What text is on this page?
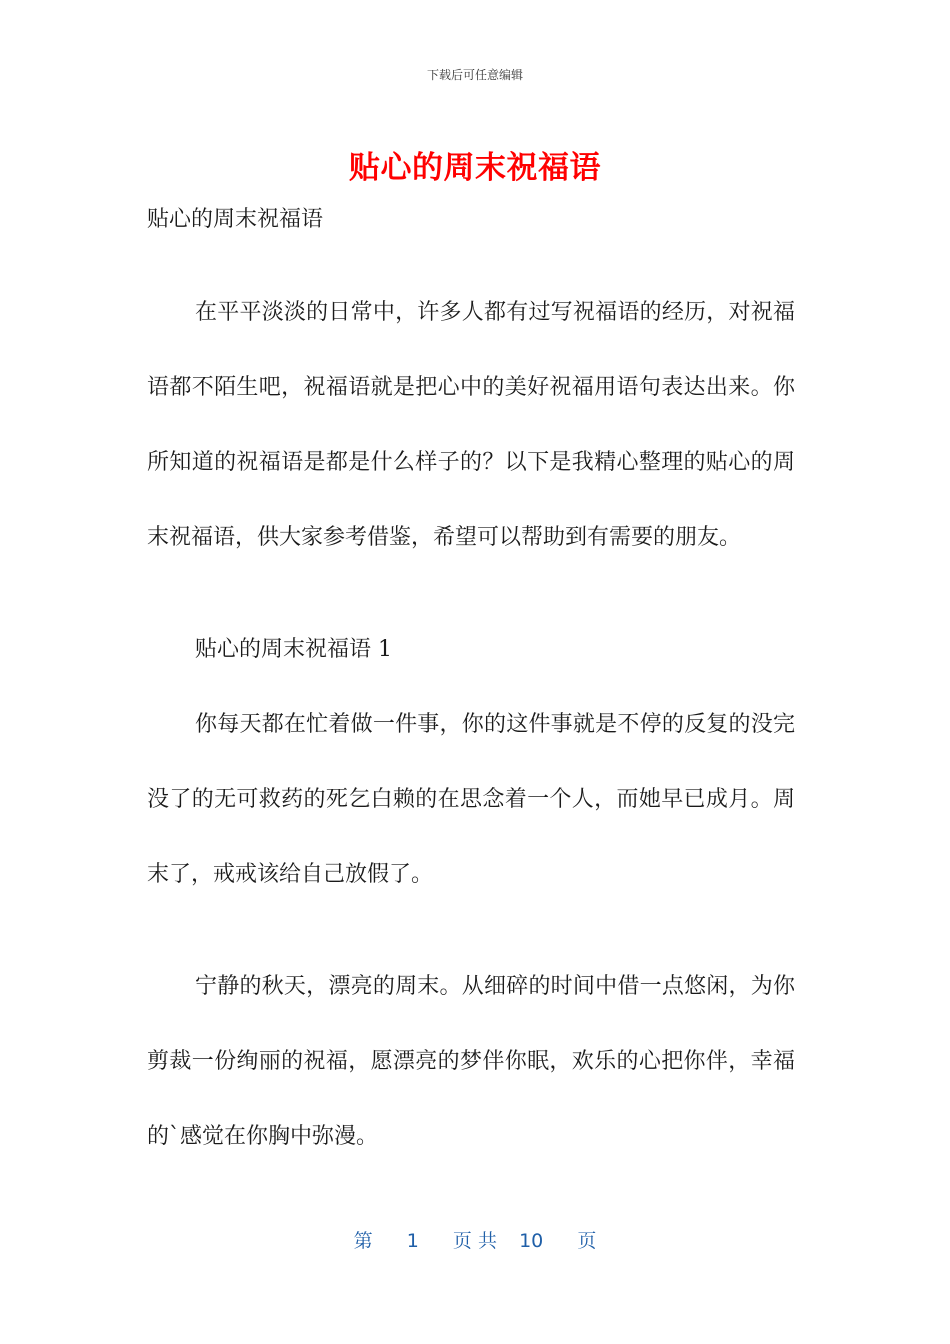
下载后可任意编辑
贴心的周末祝福语
贴心的周末祝福语

在平平淡淡的日常中，许多人都有过写祝福语的经历，对祝福语都不陌生吧，祝福语就是把心中的美好祝福用语句表达出来。你所知道的祝福语是都是什么样子的？以下是我精心整理的贴心的周末祝福语，供大家参考借鉴，希望可以帮助到有需要的朋友。

贴心的周末祝福语 1

你每天都在忙着做一件事，你的这件事就是不停的反复的没完没了的无可救药的死乞白赖的在思念着一个人，而她早已成月。周末了，戒戒该给自己放假了。

宁静的秋天，漂亮的周末。从细碎的时间中借一点悠闲，为你剪裁一份绚丽的祝福，愿漂亮的梦伴你眠，欢乐的心把你伴，幸福的`感觉在你胸中弥漫。

第 1 页 共 10 页
